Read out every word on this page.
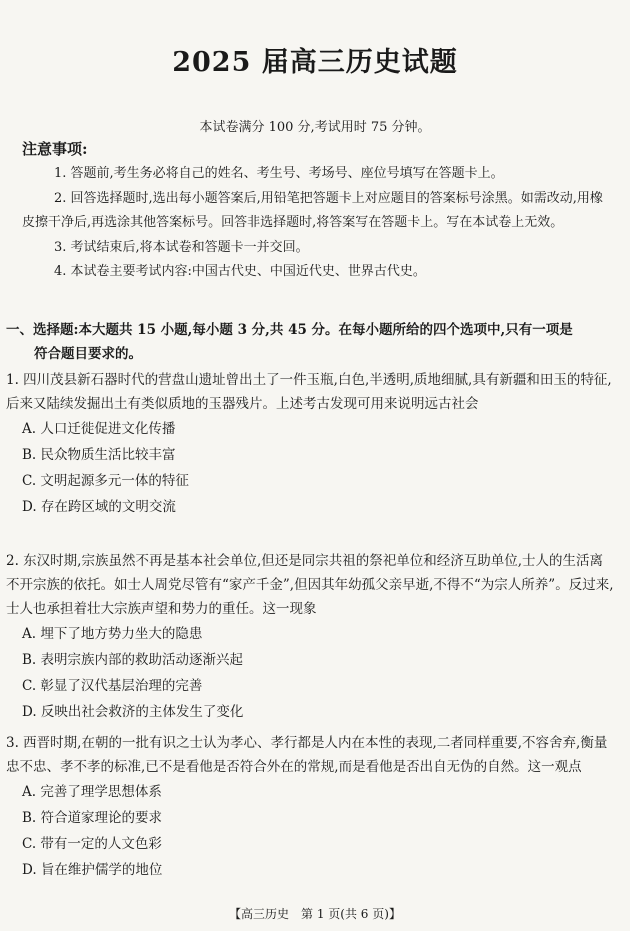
2025 届高三历史试题
本试卷满分 100 分,考试用时 75 分钟。
注意事项:

1. 答题前,考生务必将自己的姓名、考生号、考场号、座位号填写在答题卡上。

2. 回答选择题时,选出每小题答案后,用铅笔把答题卡上对应题目的答案标号涂黑。如需改动,用橡皮擦干净后,再选涂其他答案标号。回答非选择题时,将答案写在答题卡上。写在本试卷上无效。

3. 考试结束后,将本试卷和答题卡一并交回。

4. 本试卷主要考试内容:中国古代史、中国近代史、世界古代史。

一、选择题:本大题共 15 小题,每小题 3 分,共 45 分。在每小题所给的四个选项中,只有一项是
符合题目要求的。

1. 四川茂县新石器时代的营盘山遗址曾出土了一件玉瓶,白色,半透明,质地细腻,具有新疆和田玉的特征,后来又陆续发掘出土有类似质地的玉器残片。上述考古发现可用来说明远古社会

A. 人口迁徙促进文化传播

B. 民众物质生活比较丰富

C. 文明起源多元一体的特征

D. 存在跨区域的文明交流

2. 东汉时期,宗族虽然不再是基本社会单位,但还是同宗共祖的祭祀单位和经济互助单位,士人的生活离不开宗族的依托。如士人周党尽管有“家产千金”,但因其年幼孤父亲早逝,不得不“为宗人所养”。反过来,士人也承担着壮大宗族声望和势力的重任。这一现象

A. 埋下了地方势力坐大的隐患

B. 表明宗族内部的救助活动逐渐兴起

C. 彰显了汉代基层治理的完善

D. 反映出社会救济的主体发生了变化

3. 西晋时期,在朝的一批有识之士认为孝心、孝行都是人内在本性的表现,二者同样重要,不容舍弃,衡量忠不忠、孝不孝的标准,已不是看他是否符合外在的常规,而是看他是否出自无伪的自然。这一观点

A. 完善了理学思想体系

B. 符合道家理论的要求

C. 带有一定的人文色彩

D. 旨在维护儒学的地位

【高三历史　第 1 页(共 6 页)】
